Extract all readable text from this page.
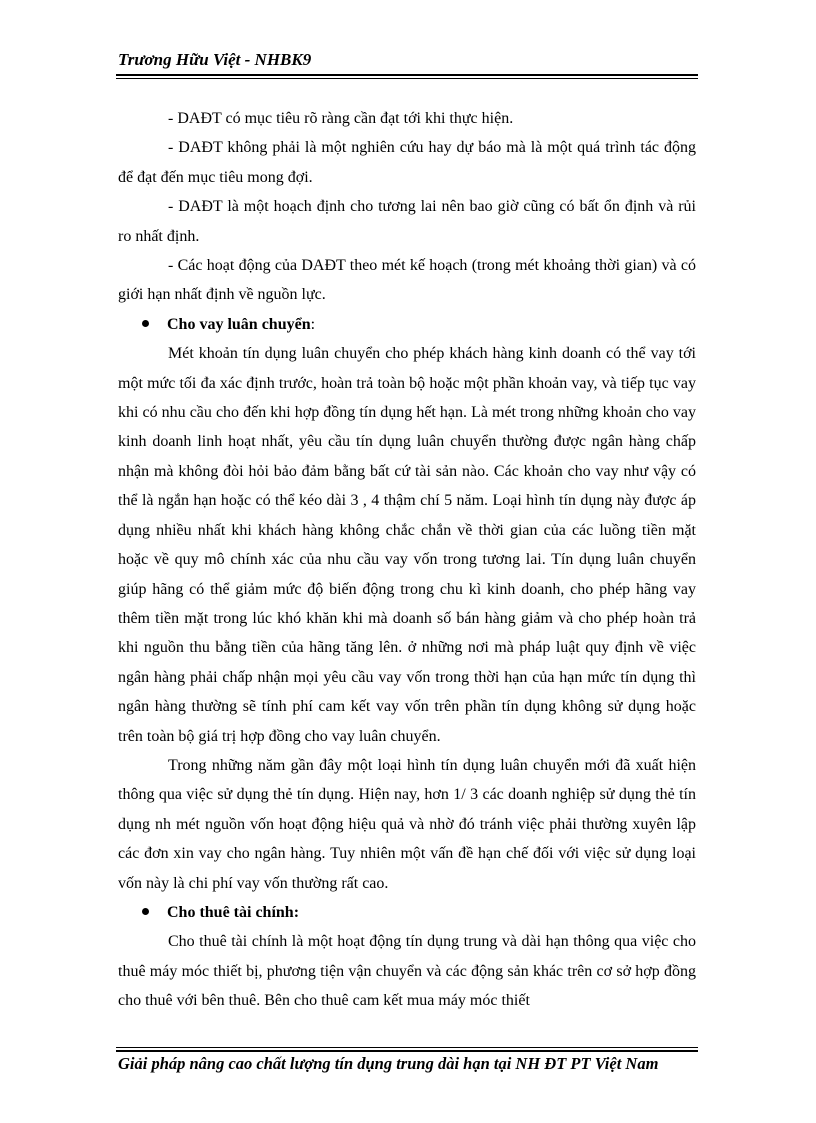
Trương Hữu Việt - NHBK9

- DAĐT có mục tiêu rõ ràng cần đạt tới khi thực hiện.

- DAĐT không phải là một nghiên cứu hay dự báo mà là một quá trình tác động để đạt đến mục tiêu mong đợi.

- DAĐT là một hoạch định cho tương lai nên bao giờ cũng có bất ổn định và rủi ro nhất định.

- Các hoạt động của DAĐT theo mét kế hoạch (trong mét khoảng thời gian) và có giới hạn nhất định về nguồn lực.

Cho vay luân chuyển :

Mét khoản tín dụng luân chuyển cho phép khách hàng kinh doanh có thể vay tới một mức tối đa xác định trước, hoàn trả toàn bộ hoặc một phần khoản vay, và tiếp tục vay khi có nhu cầu cho đến khi hợp đồng tín dụng hết hạn. Là mét trong những khoản cho vay kinh doanh linh hoạt nhất, yêu cầu tín dụng luân chuyển thường được ngân hàng chấp nhận mà không đòi hỏi bảo đảm bằng bất cứ tài sản nào. Các khoản cho vay như vậy có thể là ngắn hạn hoặc có thể kéo dài 3 , 4 thậm chí 5 năm. Loại hình tín dụng này được áp dụng nhiều nhất khi khách hàng không chắc chắn về thời gian của các luồng tiền mặt hoặc về quy mô chính xác của nhu cầu vay vốn trong tương lai. Tín dụng luân chuyển giúp hãng có thể giảm mức độ biến động trong chu kì kinh doanh, cho phép hãng vay thêm tiền mặt trong lúc khó khăn khi mà doanh số bán hàng giảm và cho phép hoàn trả khi nguồn thu bằng tiền của hãng tăng lên. ở những nơi mà pháp luật quy định về việc ngân hàng phải chấp nhận mọi yêu cầu vay vốn trong thời hạn của hạn mức tín dụng thì ngân hàng thường sẽ tính phí cam kết vay vốn trên phần tín dụng không sử dụng hoặc trên toàn bộ giá trị hợp đồng cho vay luân chuyển.

Trong những năm gần đây một loại hình tín dụng luân chuyển mới đã xuất hiện thông qua việc sử dụng thẻ tín dụng. Hiện nay, hơn 1/ 3 các doanh nghiệp sử dụng thẻ tín dụng nh mét nguồn vốn hoạt động hiệu quả và nhờ đó tránh việc phải thường xuyên lập các đơn xin vay cho ngân hàng. Tuy nhiên một vấn đề hạn chế đối với việc sử dụng loại vốn này là chi phí vay vốn thường rất cao.

Cho thuê tài chính:

Cho thuê tài chính là một hoạt động tín dụng trung và dài hạn thông qua việc cho thuê máy móc thiết bị, phương tiện vận chuyển và các động sản khác trên cơ sở hợp đồng cho thuê với bên thuê. Bên cho thuê cam kết mua máy móc thiết

Giải pháp nâng cao chất lượng tín dụng trung dài hạn tại NH ĐT PT Việt Nam
